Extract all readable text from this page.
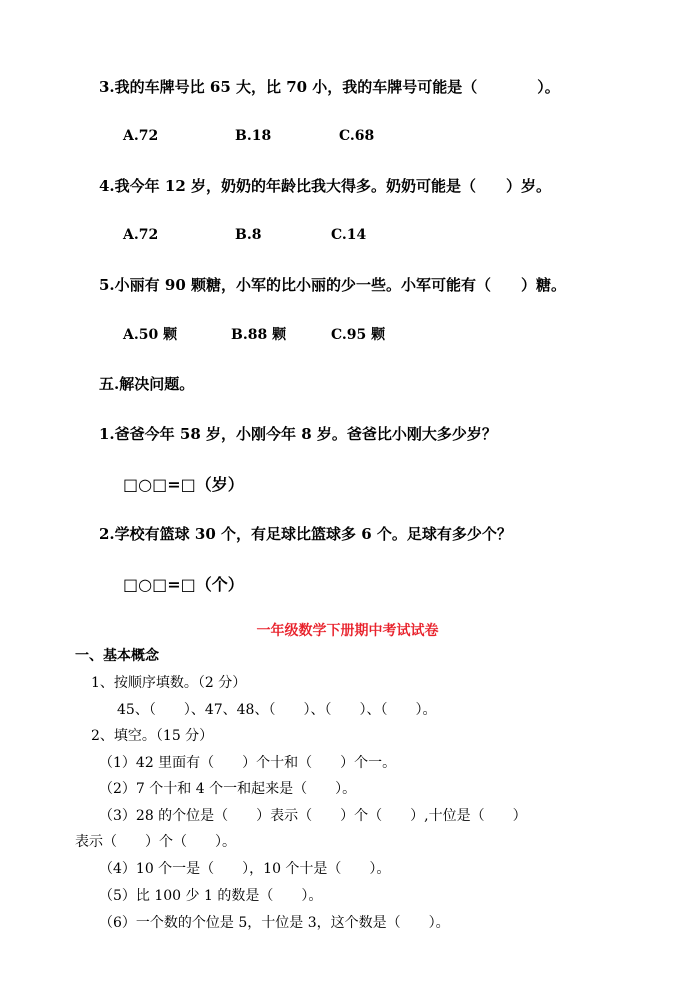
3.我的车牌号比 65 大，比 70 小，我的车牌号可能是（　　　　）。

A.72

	B.18

	C.68

4.我今年 12 岁，奶奶的年龄比我大得多。奶奶可能是（　　）岁。

A.72

	B.8

	C.14

5.小丽有 90 颗糖，小军的比小丽的少一些。小军可能有（　　）糖。

A.50 颗

	B.88 颗

	C.95 颗

五.解决问题。
1.爸爸今年 58 岁，小刚今年 8 岁。爸爸比小刚大多少岁？
□○□=□（岁）
2.学校有篮球 30 个，有足球比篮球多 6 个。足球有多少个？
□○□=□（个）
一年级数学下册期中考试试卷
一、基本概念
1、按顺序填数。（2 分）
45、（　　）、47、48、（　　）、（　　）、（　　）。
2、填空。（15 分）
（1）42 里面有（　　）个十和（　　）个一。
（2）7 个十和 4 个一和起来是（　　）。
（3）28 的个位是（　　）表示（　　）个（　　）,十位是（　　）
表示（　　）个（　　）。
（4）10 个一是（　　），10 个十是（　　）。
（5）比 100 少 1 的数是（　　）。
（6）一个数的个位是 5，十位是 3，这个数是（　　）。
